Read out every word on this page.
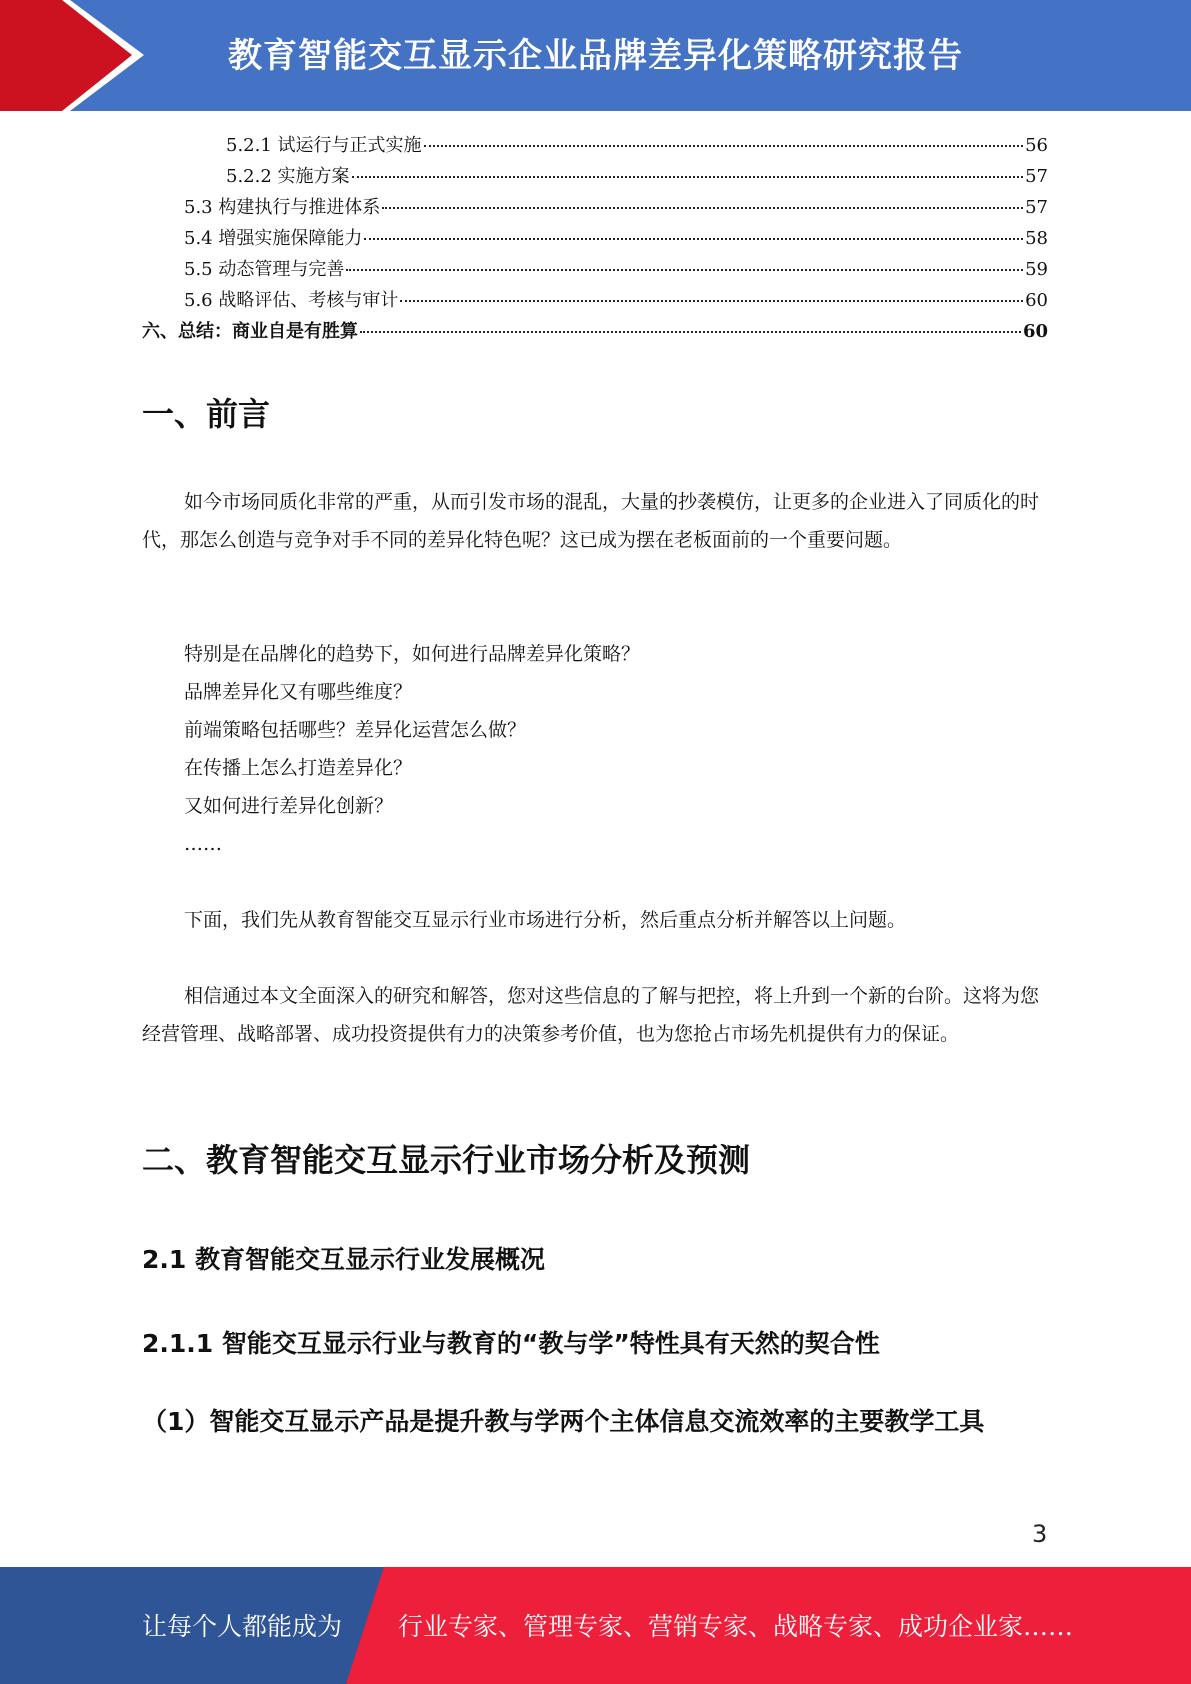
教育智能交互显示企业品牌差异化策略研究报告
5.2.1 试运行与正式实施	56
5.2.2 实施方案	57
5.3 构建执行与推进体系	57
5.4 增强实施保障能力	58
5.5 动态管理与完善	59
5.6 战略评估、考核与审计	60
六、总结：商业自是有胜算	60
一、前言
如今市场同质化非常的严重，从而引发市场的混乱，大量的抄袭模仿，让更多的企业进入了同质化的时代，那怎么创造与竞争对手不同的差异化特色呢？这已成为摆在老板面前的一个重要问题。
特别是在品牌化的趋势下，如何进行品牌差异化策略？
品牌差异化又有哪些维度？
前端策略包括哪些？差异化运营怎么做？
在传播上怎么打造差异化？
又如何进行差异化创新？
……
下面，我们先从教育智能交互显示行业市场进行分析，然后重点分析并解答以上问题。
相信通过本文全面深入的研究和解答，您对这些信息的了解与把控，将上升到一个新的台阶。这将为您经营管理、战略部署、成功投资提供有力的决策参考价值，也为您抢占市场先机提供有力的保证。
二、教育智能交互显示行业市场分析及预测
2.1 教育智能交互显示行业发展概况
2.1.1 智能交互显示行业与教育的“教与学”特性具有天然的契合性
（1）智能交互显示产品是提升教与学两个主体信息交流效率的主要教学工具
3
让每个人都能成为 行业专家、管理专家、营销专家、战略专家、成功企业家……
